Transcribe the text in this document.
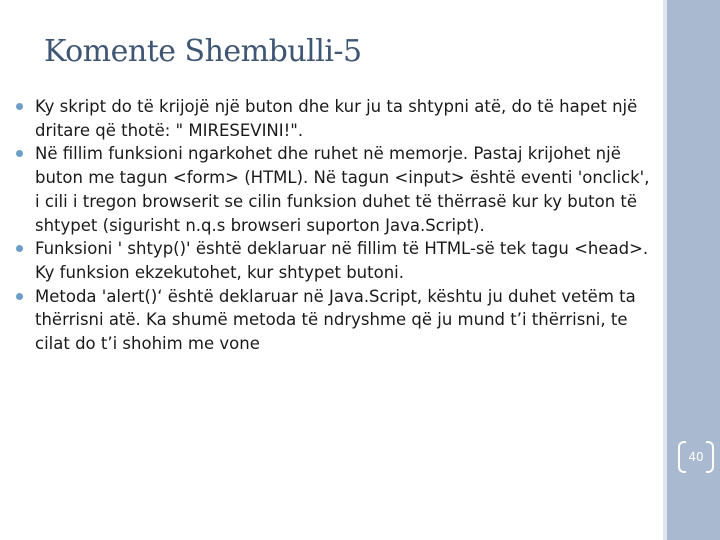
Komente Shembulli-5
Ky skript do të krijojë një buton dhe kur ju ta shtypni atë, do të hapet një dritare që thotë: " MIRESEVINI!".
Në fillim funksioni ngarkohet dhe ruhet në memorje. Pastaj krijohet një buton me tagun <form> (HTML). Në tagun <input> është eventi 'onclick', i cili i tregon browserit se cilin funksion duhet të thërrasë kur ky buton të shtypet (sigurisht n.q.s browseri suporton Java.Script).
Funksioni ' shtyp()' është deklaruar në fillim të HTML-së tek tagu <head>. Ky funksion ekzekutohet, kur shtypet butoni.
Metoda 'alert()‘ është deklaruar në Java.Script, kështu ju duhet vetëm ta thërrisni atë. Ka shumë metoda të ndryshme që ju mund t’i thërrisni, te cilat do t’i shohim me vone
40
